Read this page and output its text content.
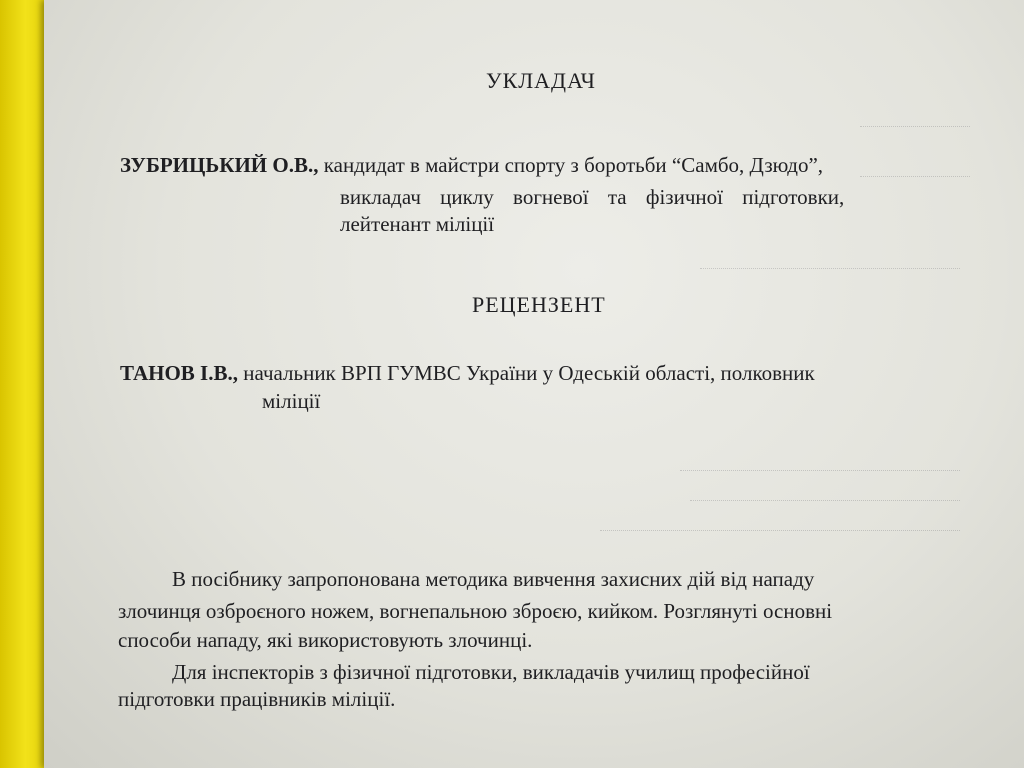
УКЛАДАЧ
ЗУБРИЦЬКИЙ О.В., кандидат в майстри спорту з боротьби “Самбо, Дзюдо”,
викладач циклу вогневої та фізичної підготовки,
лейтенант міліції
РЕЦЕНЗЕНТ
ТАНОВ І.В., начальник ВРП ГУМВС України у Одеській області, полковник
міліції
В посібнику запропонована методика вивчення захисних дій від нападу
злочинця озброєного ножем, вогнепальною зброєю, кийком. Розглянуті основні
способи нападу, які використовують злочинці.
Для інспекторів з фізичної підготовки, викладачів училищ професійної
підготовки працівників міліції.
